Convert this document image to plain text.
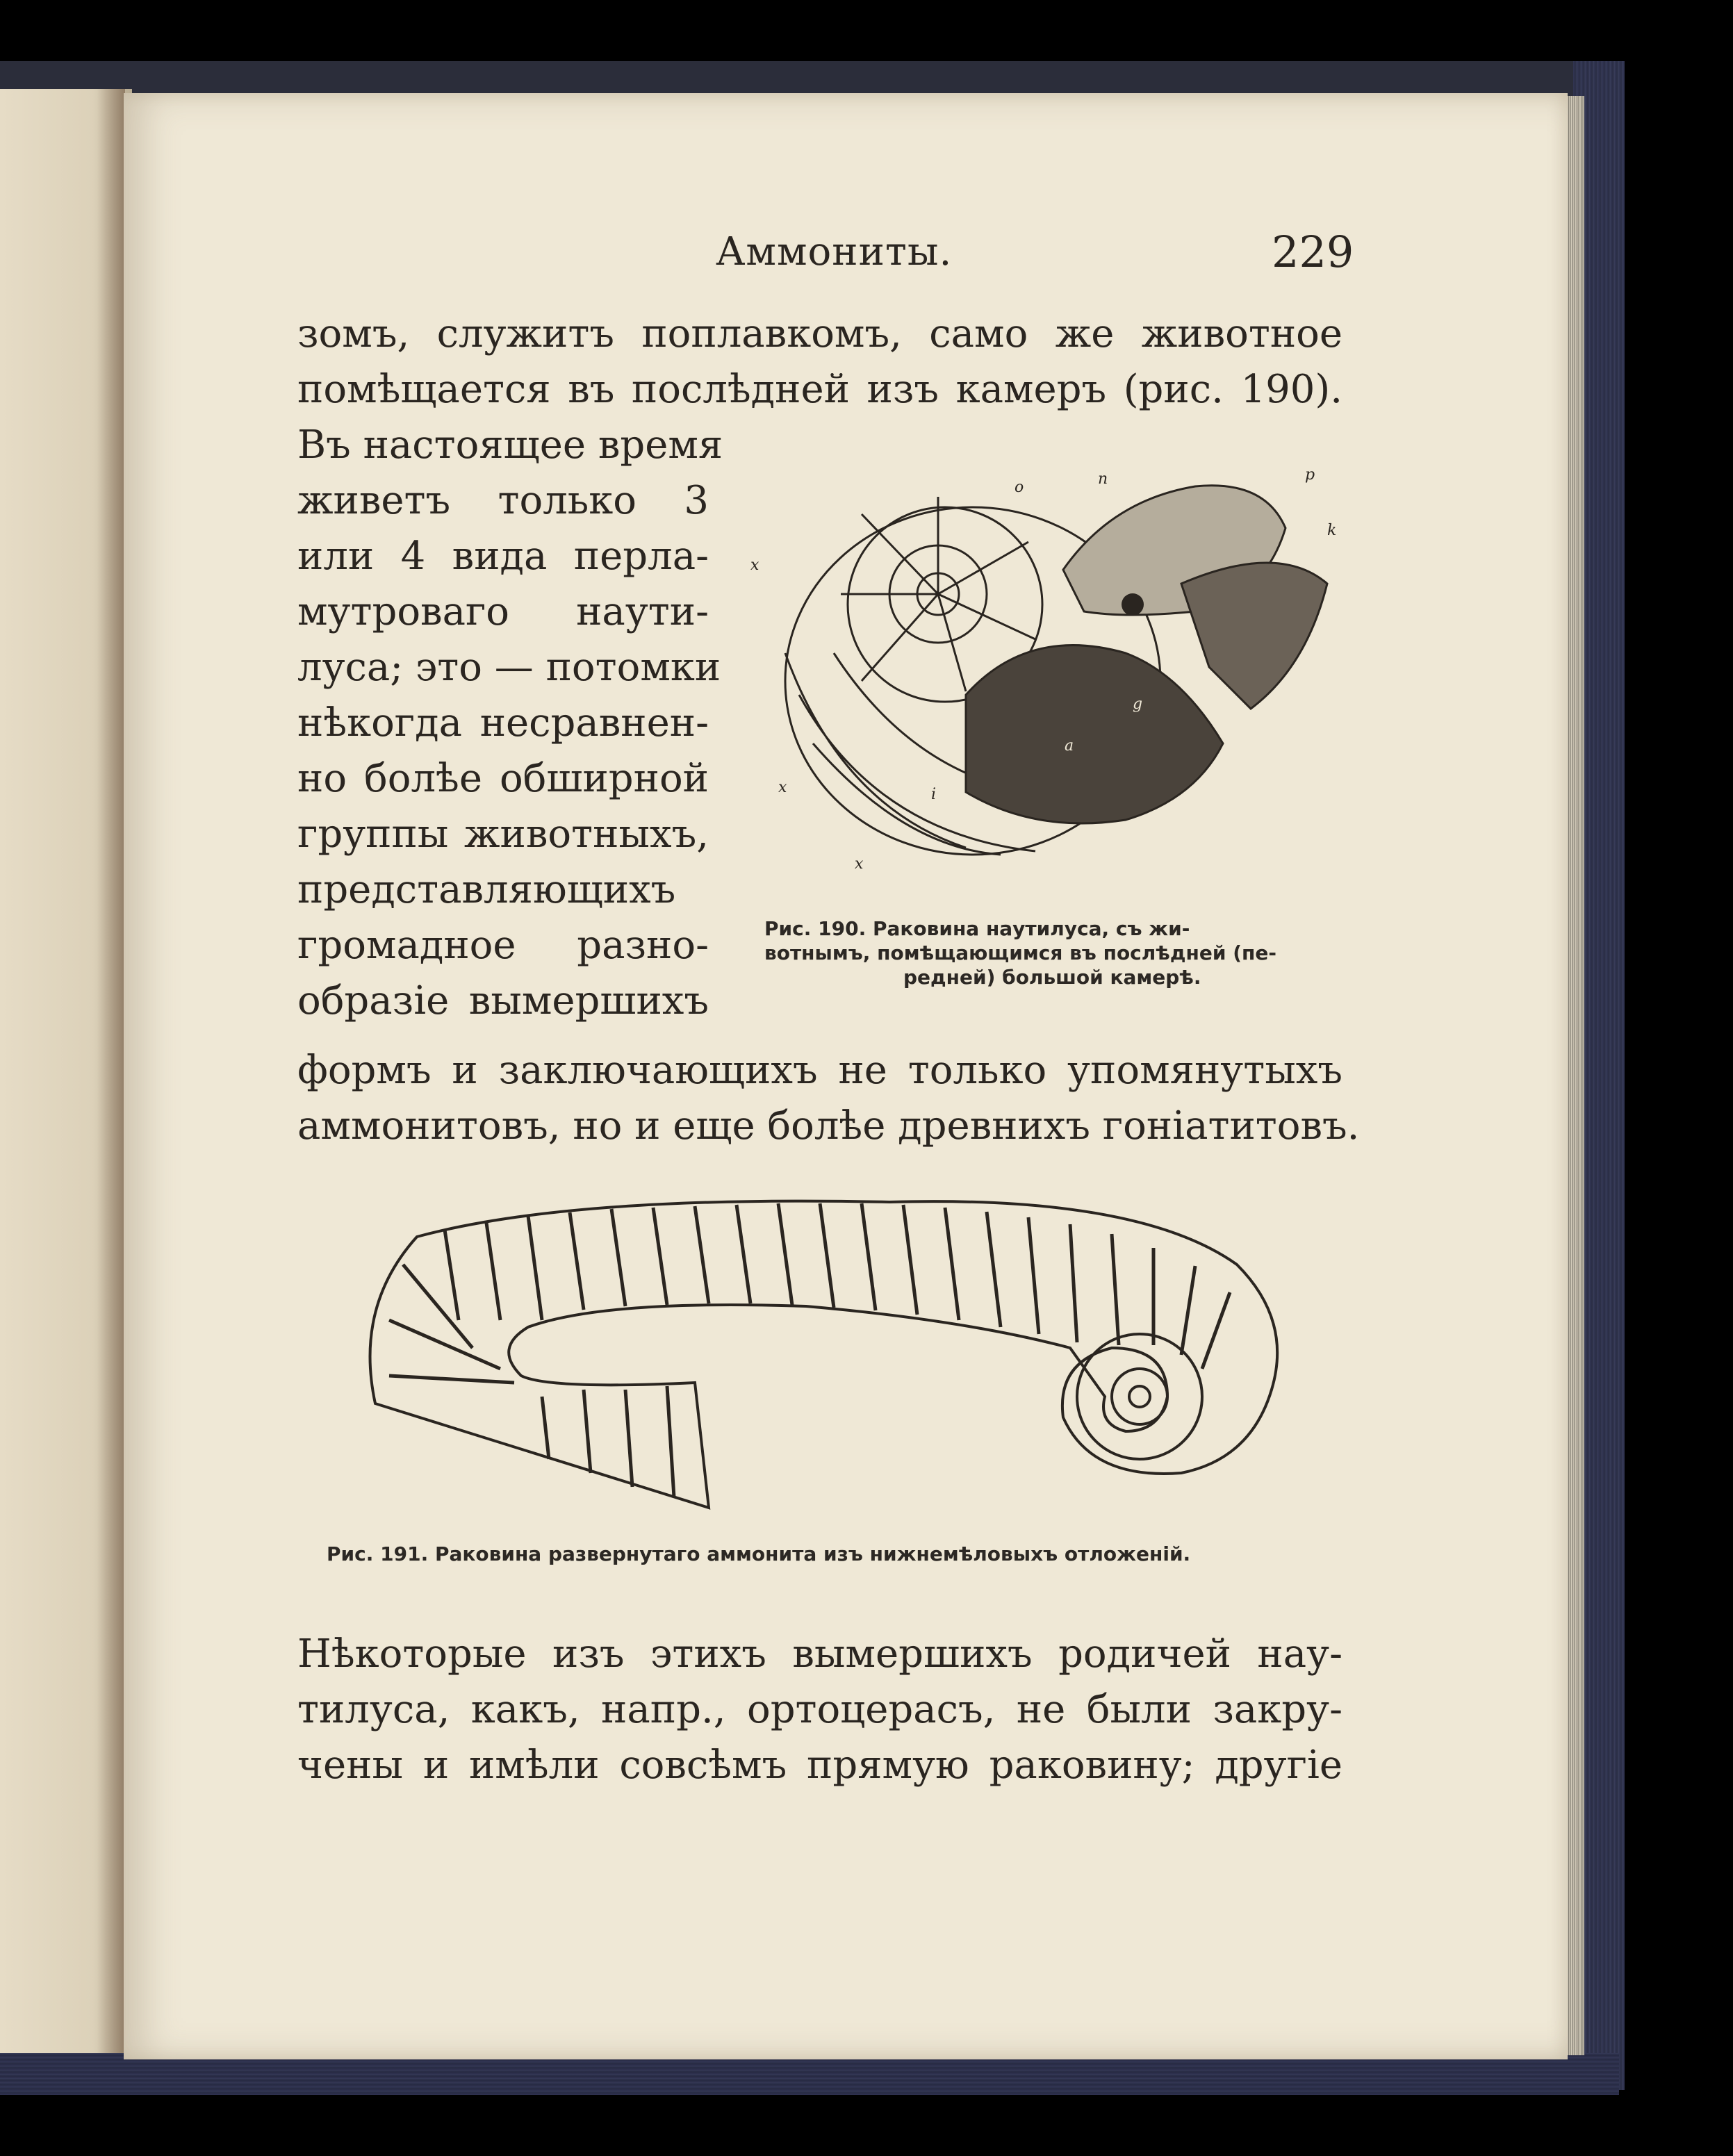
Аммониты.	229
зомъ, служитъ поплавкомъ, само же животное
помѣщается въ послѣдней изъ камеръ (рис. 190).
Въ настоящее время
живетъ только 3
или 4 вида перла-
мутроваго наути-
луса; это — потомки
нѣкогда несравнен-
но болѣе обширной
группы животныхъ,
представляющихъ
громадное разно-
образіе вымершихъ
формъ и заключающихъ не только упомянутыхъ
аммонитовъ, но и еще болѣе древнихъ гоніатитовъ.
o	n	p
k
x
x
x
a
g
i
Рис. 190. Раковина наутилуса, съ жи-
вотнымъ, помѣщающимся въ послѣдней (пе-
редней) большой камерѣ.
Рис. 191. Раковина развернутаго аммонита изъ нижнемѣловыхъ отложеній.
Нѣкоторые изъ этихъ вымершихъ родичей нау-
тилуса, какъ, напр., ортоцерасъ, не были закру-
чены и имѣли совсѣмъ прямую раковину; другіе
